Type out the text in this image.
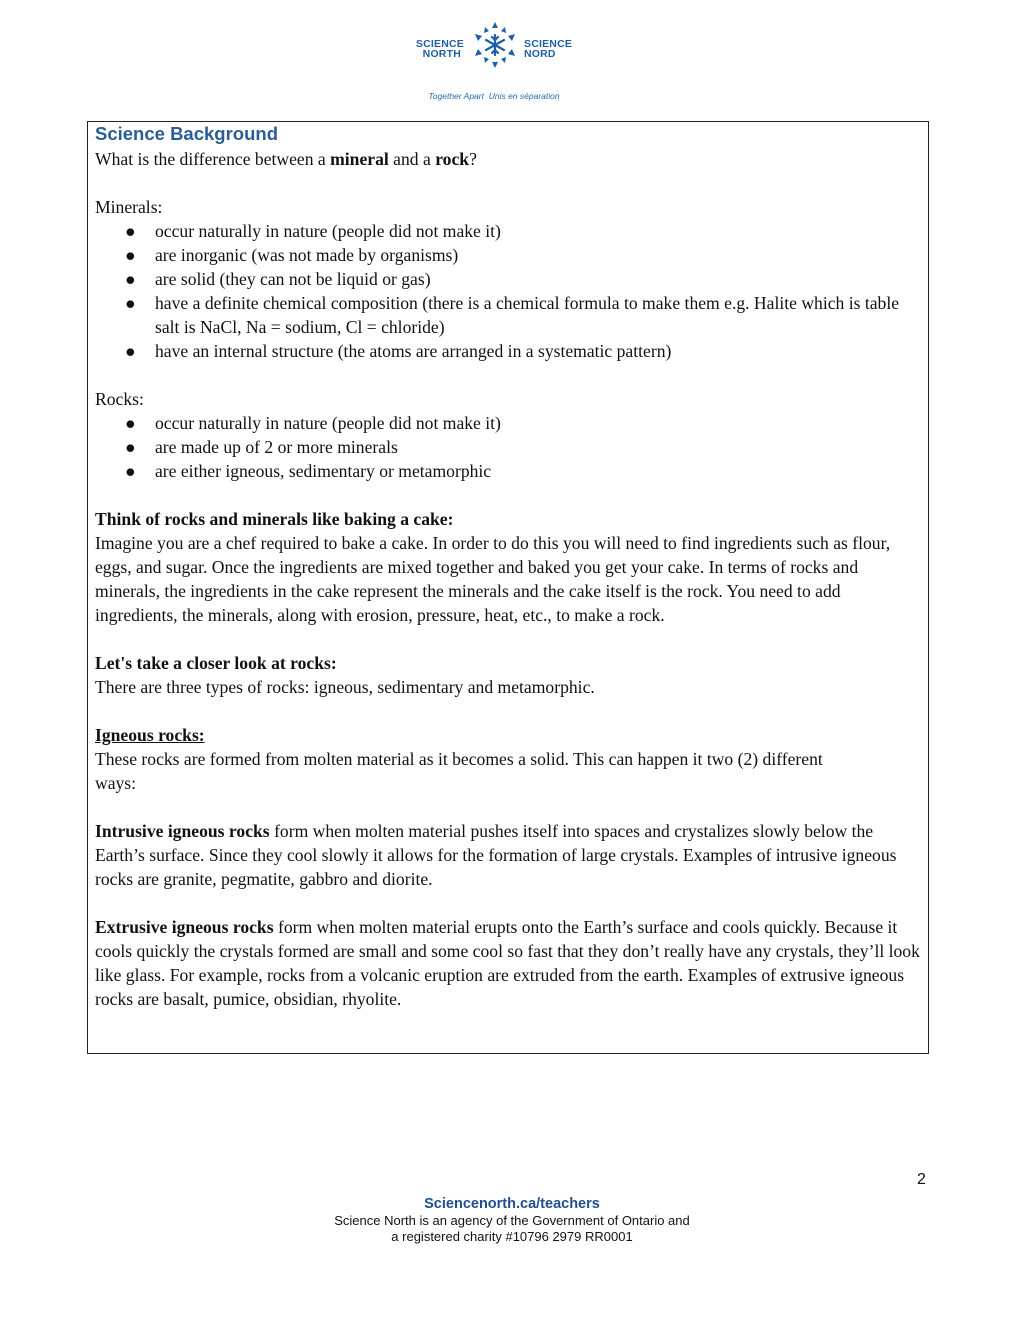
SCIENCE
NORTH
SCIENCE
NORD
Together Apart Unis en séparation

Science Background

What is the difference between a mineral and a rock?

Minerals:

● occur naturally in nature (people did not make it)
● are inorganic (was not made by organisms)
● are solid (they can not be liquid or gas)
● have a definite chemical composition (there is a chemical formula to make them e.g. Halite which is table salt is NaCl, Na = sodium, Cl = chloride)
● have an internal structure (the atoms are arranged in a systematic pattern)

Rocks:

● occur naturally in nature (people did not make it)
● are made up of 2 or more minerals
● are either igneous, sedimentary or metamorphic

Think of rocks and minerals like baking a cake:

Imagine you are a chef required to bake a cake. In order to do this you will need to find ingredients such as flour, eggs, and sugar. Once the ingredients are mixed together and baked you get your cake. In terms of rocks and minerals, the ingredients in the cake represent the minerals and the cake itself is the rock. You need to add ingredients, the minerals, along with erosion, pressure, heat, etc., to make a rock.

Let's take a closer look at rocks:

There are three types of rocks: igneous, sedimentary and metamorphic.

Igneous rocks:

These rocks are formed from molten material as it becomes a solid. This can happen it two (2) different ways:

Intrusive igneous rocks form when molten material pushes itself into spaces and crystalizes slowly below the Earth’s surface. Since they cool slowly it allows for the formation of large crystals. Examples of intrusive igneous rocks are granite, pegmatite, gabbro and diorite.

Extrusive igneous rocks form when molten material erupts onto the Earth’s surface and cools quickly. Because it cools quickly the crystals formed are small and some cool so fast that they don’t really have any crystals, they’ll look like glass. For example, rocks from a volcanic eruption are extruded from the earth. Examples of extrusive igneous rocks are basalt, pumice, obsidian, rhyolite.

2
Sciencenorth.ca/teachers
Science North is an agency of the Government of Ontario and
a registered charity #10796 2979 RR0001
